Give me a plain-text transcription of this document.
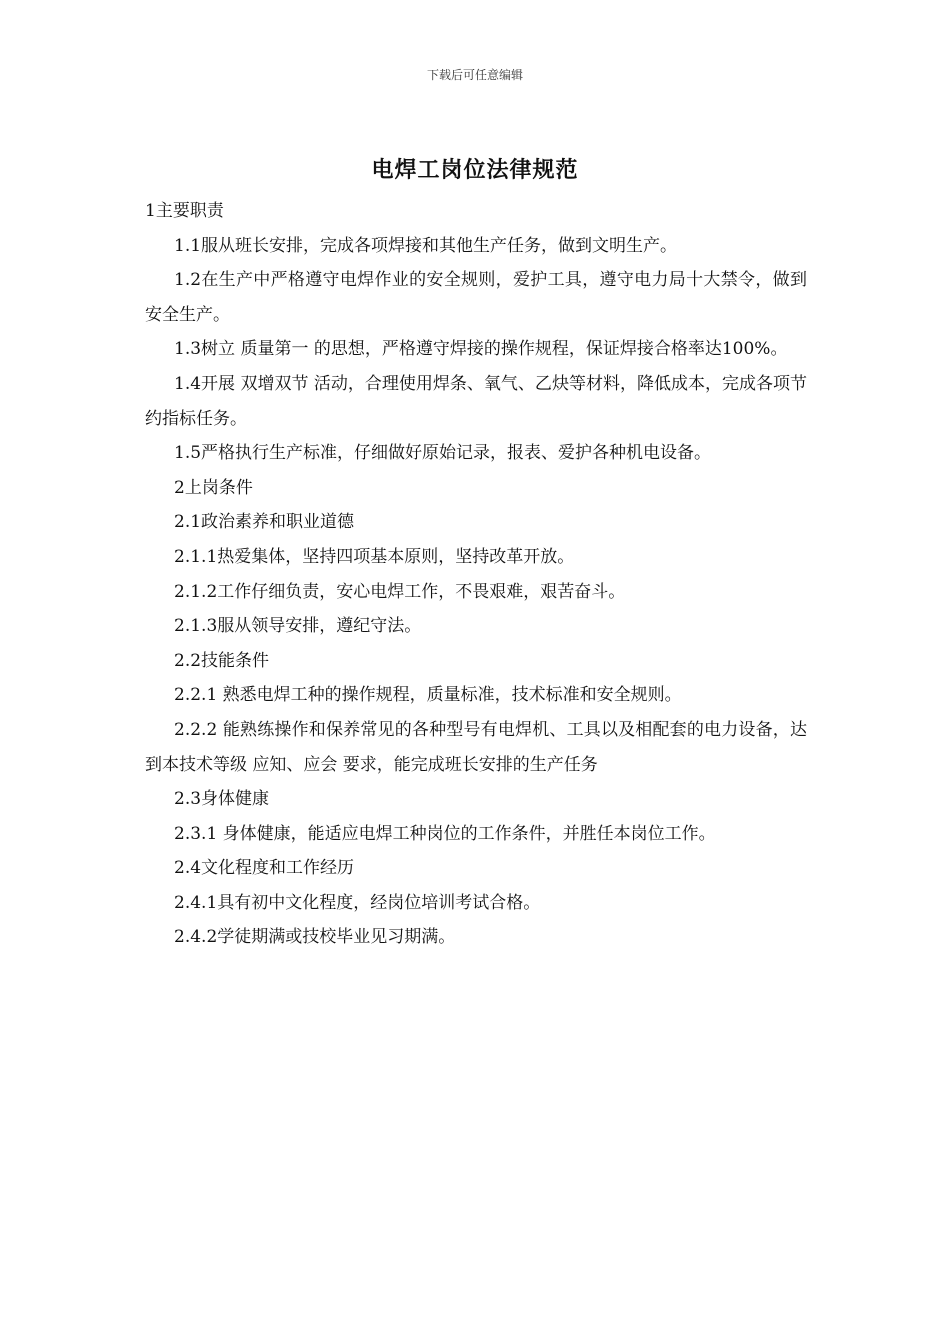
下载后可任意编辑
电焊工岗位法律规范

1主要职责

1.1服从班长安排，完成各项焊接和其他生产任务，做到文明生产。

1.2在生产中严格遵守电焊作业的安全规则，爱护工具，遵守电力局十大禁令，做到安全生产。

1.3树立 质量第一 的思想，严格遵守焊接的操作规程，保证焊接合格率达100%。

1.4开展 双增双节 活动，合理使用焊条、氧气、乙炔等材料，降低成本，完成各项节约指标任务。

1.5严格执行生产标准，仔细做好原始记录，报表、爱护各种机电设备。

2上岗条件

2.1政治素养和职业道德

2.1.1热爱集体，坚持四项基本原则，坚持改革开放。

2.1.2工作仔细负责，安心电焊工作，不畏艰难，艰苦奋斗。

2.1.3服从领导安排，遵纪守法。

2.2技能条件

2.2.1 熟悉电焊工种的操作规程，质量标准，技术标准和安全规则。

2.2.2 能熟练操作和保养常见的各种型号有电焊机、工具以及相配套的电力设备，达到本技术等级 应知、应会 要求，能完成班长安排的生产任务

2.3身体健康

2.3.1 身体健康，能适应电焊工种岗位的工作条件，并胜任本岗位工作。

2.4文化程度和工作经历

2.4.1具有初中文化程度，经岗位培训考试合格。

2.4.2学徒期满或技校毕业见习期满。
